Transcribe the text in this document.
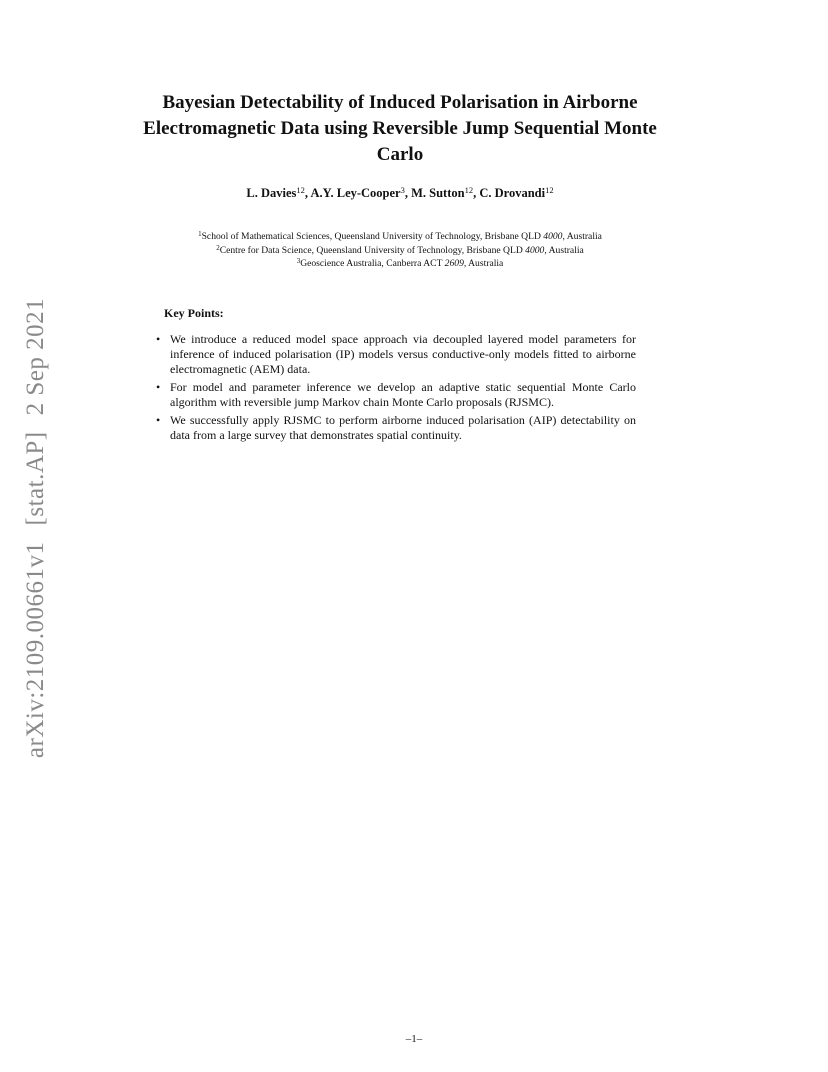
arXiv:2109.00661v1[stat.AP]2 Sep 2021
Bayesian Detectability of Induced Polarisation in Airborne
Electromagnetic Data using Reversible Jump Sequential Monte
Carlo
L. Davies$^{12}$, A.Y. Ley-Cooper$^3$, M. Sutton$^{12}$, C. Drovandi$^{12}$
$^1$School of Mathematical Sciences, Queensland University of Technology, Brisbane QLD 4000, Australia
$^2$Centre for Data Science, Queensland University of Technology, Brisbane QLD 4000, Australia
$^3$Geoscience Australia, Canberra ACT 2609, Australia
Key Points:
• We introduce a reduced model space approach via decoupled layered model parameters for inference of induced polarisation (IP) models versus conductive-only models fitted to airborne electromagnetic (AEM) data.
• For model and parameter inference we develop an adaptive static sequential Monte Carlo algorithm with reversible jump Markov chain Monte Carlo proposals (RJSMC).
• We successfully apply RJSMC to perform airborne induced polarisation (AIP) detectability on data from a large survey that demonstrates spatial continuity.
–1–
